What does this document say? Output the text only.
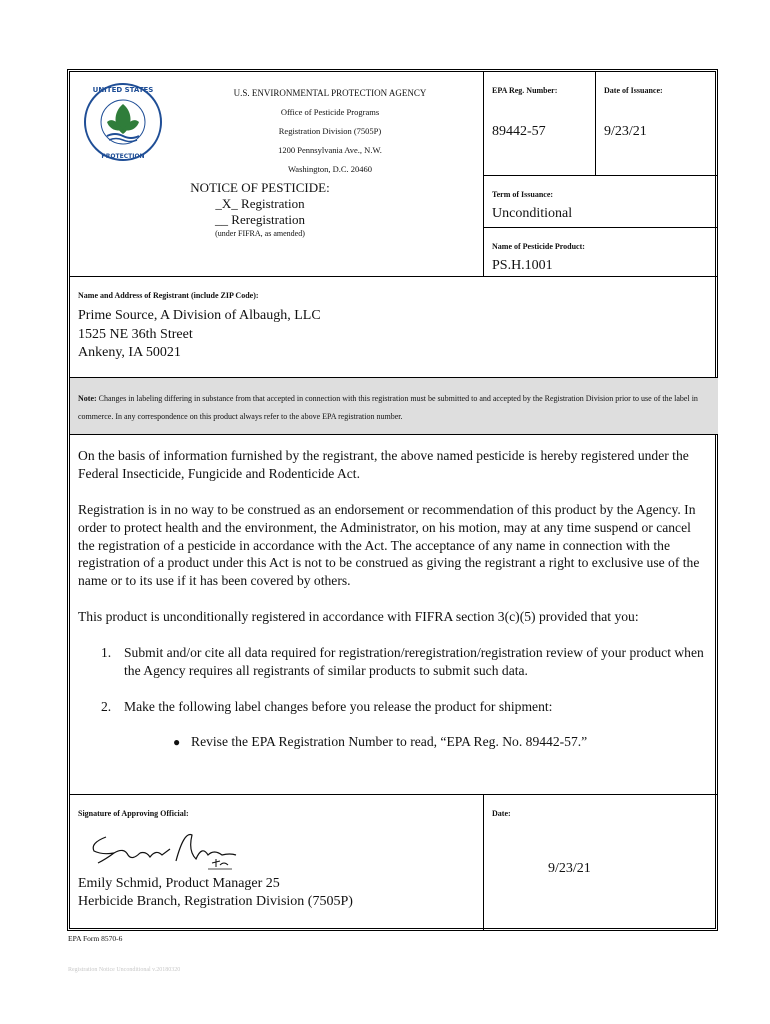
UNITED STATES
PROTECTION
U.S. ENVIRONMENTAL PROTECTION AGENCY
Office of Pesticide Programs
Registration Division (7505P)
1200 Pennsylvania Ave., N.W.
Washington, D.C. 20460
NOTICE OF PESTICIDE:
_X_ Registration
__ Reregistration
(under FIFRA, as amended)
EPA Reg. Number:
89442-57
Date of Issuance:
9/23/21
Term of Issuance:
Unconditional
Name of Pesticide Product:
PS.H.1001
Name and Address of Registrant (include ZIP Code):
Prime Source, A Division of Albaugh, LLC
1525 NE 36th Street
Ankeny, IA 50021
Note: Changes in labeling differing in substance from that accepted in connection with this registration must be submitted to and accepted by the Registration Division prior to use of the label in commerce. In any correspondence on this product always refer to the above EPA registration number.

On the basis of information furnished by the registrant, the above named pesticide is hereby registered under the Federal Insecticide, Fungicide and Rodenticide Act.

Registration is in no way to be construed as an endorsement or recommendation of this product by the Agency. In order to protect health and the environment, the Administrator, on his motion, may at any time suspend or cancel the registration of a pesticide in accordance with the Act. The acceptance of any name in connection with the registration of a product under this Act is not to be construed as giving the registrant a right to exclusive use of the name or to its use if it has been covered by others.

This product is unconditionally registered in accordance with FIFRA section 3(c)(5) provided that you:

1. Submit and/or cite all data required for registration/reregistration/registration review of your product when the Agency requires all registrants of similar products to submit such data.
2. Make the following label changes before you release the product for shipment:
● Revise the EPA Registration Number to read, “EPA Reg. No. 89442-57.”
Signature of Approving Official:
Emily Schmid, Product Manager 25
Herbicide Branch, Registration Division (7505P)
Date:
9/23/21
EPA Form 8570-6
Registration Notice Unconditional v.20180320
